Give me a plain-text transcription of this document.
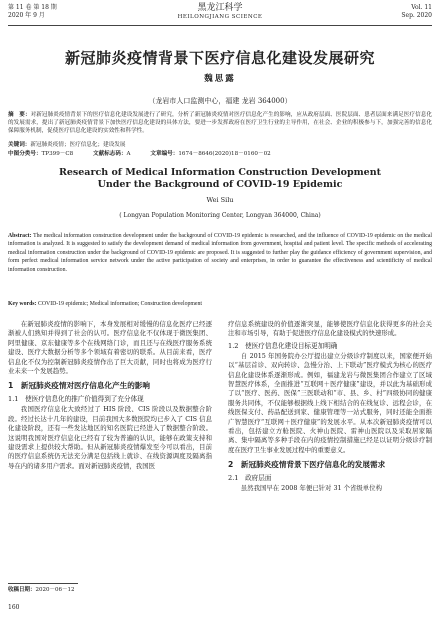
第 11 卷 第 18 期
2020 年 9 月
黑龙江科学
HEILONGJIANG SCIENCE
Vol. 11
Sep. 2020
新冠肺炎疫情背景下医疗信息化建设发展研究
魏思露
（龙岩市人口监测中心，福建 龙岩 364000）
摘　要：对新冠肺炎疫情背景下的医疗信息化建设发展进行了研究，分析了新冠肺炎疫情对医疗信息化产生的影响，应从政府层面、医院层面、患者层面来满足医疗信息化的发展需求，提出了新冠肺炎疫情背景下加快医疗信息化建设的具体方法，要进一步发挥政府在医疗卫生行业的主导作用，在社会、企业的积极参与下，加强完善的信息化保障服务机制，促使医疗信息化建设的实效性和科学性。
关键词：新冠肺炎疫情；医疗信息化；建设发展
中图分类号：TP399－C8	文献标志码：A	文章编号：1674－8646(2020)18－0160－02
Research of Medical Information Construction Development
Under the Background of COVID-19 Epidemic
Wei Silu
( Longyan Population Monitoring Center, Longyan 364000, China)
Abstract: The medical information construction development under the background of COVID-19 epidemic is researched, and the influence of COVID-19 epidemic on the medical information is analyzed. It is suggested to satisfy the development demand of medical information from government, hospital and patient level. The specific methods of accelerating medical information construction under the background of COVID-19 epidemic are proposed. It is suggested to further play the guidance efficiency of government supervision, and form perfect medical information service network under the active participation of society and enterprises, in order to guarantee the effectiveness and scientificity of medical information construction.
Key words: COVID-19 epidemic; Medical information; Construction development

在新冠肺炎疫情的影响下，本身发展相对缓慢的信息化医疗已经逐渐被人们熟知并得到了社会的认可。医疗信息化不仅体现于微医集团、阿里健康、京东健康等多个在线网络门诊，而且还与在线医疗服务系统建设、医疗大数据分析等多个领域有着密切的联系。从目前来看，医疗信息化不仅为控制新冠肺炎疫情作出了巨大贡献，同时也将成为医疗行业未来一个发展趋势。

1　新冠肺炎疫情对医疗信息化产生的影响
1.1　使医疗信息化的推广价值得到了充分体现

我国医疗信息化大致经过了 HIS 阶段、CIS 阶段以及数据整合阶段。经过长达十几年的建设，目前我国大多数医院均已步入了 CIS 信息化建设阶段，还有一些发达地区的知名医院已经进入了数据整合阶段。这说明我国对医疗信息化已经有了较为普遍的认识，能够在政策支持和建设需求上提供较大帮助。但从新冠肺炎疫情爆发至今可以看出，目前的医疗信息系统仍无法充分满足包括线上就诊、在线资源调度及隔离指导在内的诸多用户需求。面对新冠肺炎疫情，我国医

疗信息系统建设的价值逐渐突显，能够使医疗信息化获得更多的社会关注和市场引导，有助于促进医疗信息化建设模式的快速形成。

1.2　使医疗信息化建设目标更加明确

自 2015 年国务院办公厅提出建立分级诊疗制度以来，国家便开始以“基层首诊、双向转诊、急慢分治、上下联动”医疗模式为核心的医疗信息化建设体系逐渐形成。例如，福建龙岩与微医集团合作建立了区域智慧医疗体系，全面推进“互联网＋医疗健康”建设，并以此为基础形成了以“医疗、医药、医保”三医联动和“市、县、乡、村”四级协同的健康服务共同体，不仅能够根据线上线下相结合的在线复诊、远程会诊，在线医保支付、药品配送到家、健康管理等一站式服务，同时还能全面推广智慧医疗“互联网＋医疗健康”的发展水平。从本次新冠肺炎疫情可以看出，包括建立方舱医院、火神山医院、雷神山医院以及采取居家隔离、集中隔离等多种手段在内的疫情控制措施已经足以证明分级诊疗制度在医疗卫生事业发展过程中的重要意义。

2　新冠肺炎疫情背景下医疗信息化的发展需求
2.1　政府层面

虽然我国早在 2008 年便已针对 31 个省级单位构

收稿日期：2020－06－12
160
